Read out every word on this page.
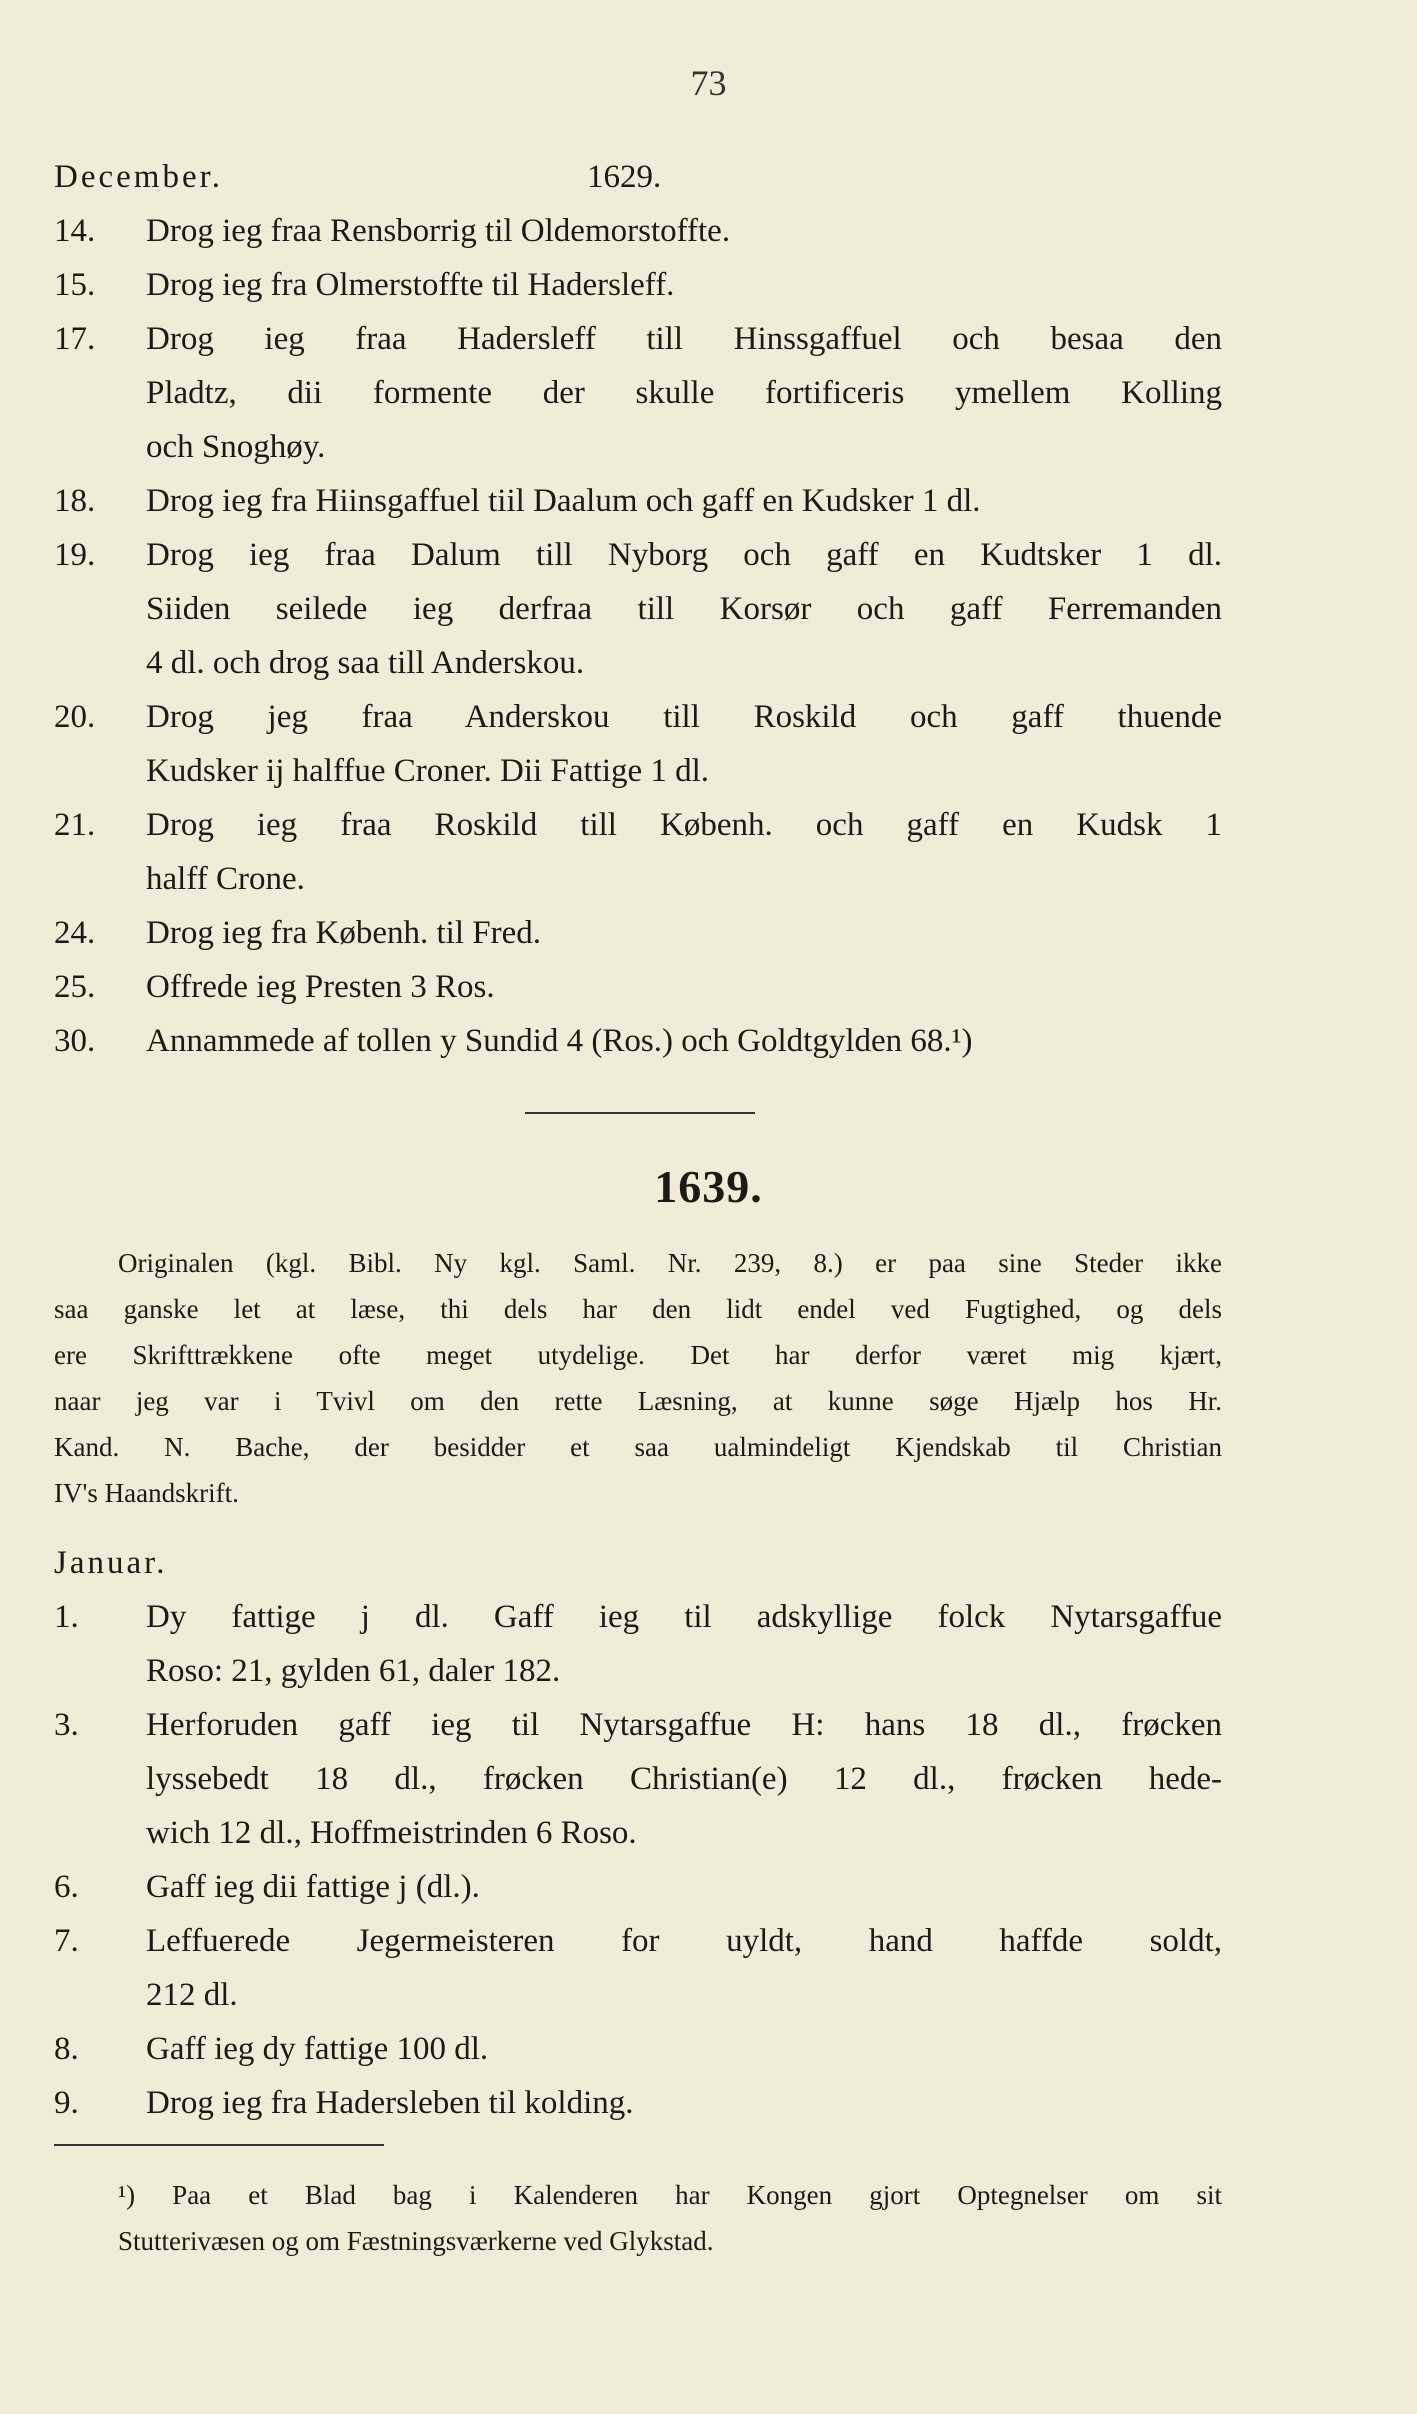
73
December.	1629.
14. Drog ieg fraa Rensborrig til Oldemorstoffte.
15. Drog ieg fra Olmerstoffte til Hadersleff.
17. Drog ieg fraa Hadersleff till Hinssgaffuel och besaa den
Pladtz, dii formente der skulle fortificeris ymellem Kolling
och Snoghøy.
18. Drog ieg fra Hiinsgaffuel tiil Daalum och gaff en Kudsker 1 dl.
19. Drog ieg fraa Dalum till Nyborg och gaff en Kudtsker 1 dl.
Siiden seilede ieg derfraa till Korsør och gaff Ferremanden
4 dl. och drog saa till Anderskou.
20. Drog jeg fraa Anderskou till Roskild och gaff thuende
Kudsker ij halffue Croner. Dii Fattige 1 dl.
21. Drog ieg fraa Roskild till Københ. och gaff en Kudsk 1
halff Crone.
24. Drog ieg fra Københ. til Fred.
25. Offrede ieg Presten 3 Ros.
30. Annammede af tollen y Sundid 4 (Ros.) och Goldtgylden 68.¹)
1639.
Originalen (kgl. Bibl. Ny kgl. Saml. Nr. 239, 8.) er paa sine Steder ikke
saa ganske let at læse, thi dels har den lidt endel ved Fugtighed, og dels
ere Skrifttrækkene ofte meget utydelige. Det har derfor været mig kjært,
naar jeg var i Tvivl om den rette Læsning, at kunne søge Hjælp hos Hr.
Kand. N. Bache, der besidder et saa ualmindeligt Kjendskab til Christian
IV's Haandskrift.
Januar.
1. Dy fattige j dl. Gaff ieg til adskyllige folck Nytarsgaffue
Roso: 21, gylden 61, daler 182.
3. Herforuden gaff ieg til Nytarsgaffue H: hans 18 dl., frøcken
lyssebedt 18 dl., frøcken Christian(e) 12 dl., frøcken hede-
wich 12 dl., Hoffmeistrinden 6 Roso.
6. Gaff ieg dii fattige j (dl.).
7. Leffuerede Jegermeisteren for uyldt, hand haffde soldt,
212 dl.
8. Gaff ieg dy fattige 100 dl.
9. Drog ieg fra Hadersleben til kolding.
¹) Paa et Blad bag i Kalenderen har Kongen gjort Optegnelser om sit
Stutterivæsen og om Fæstningsværkerne ved Glykstad.
